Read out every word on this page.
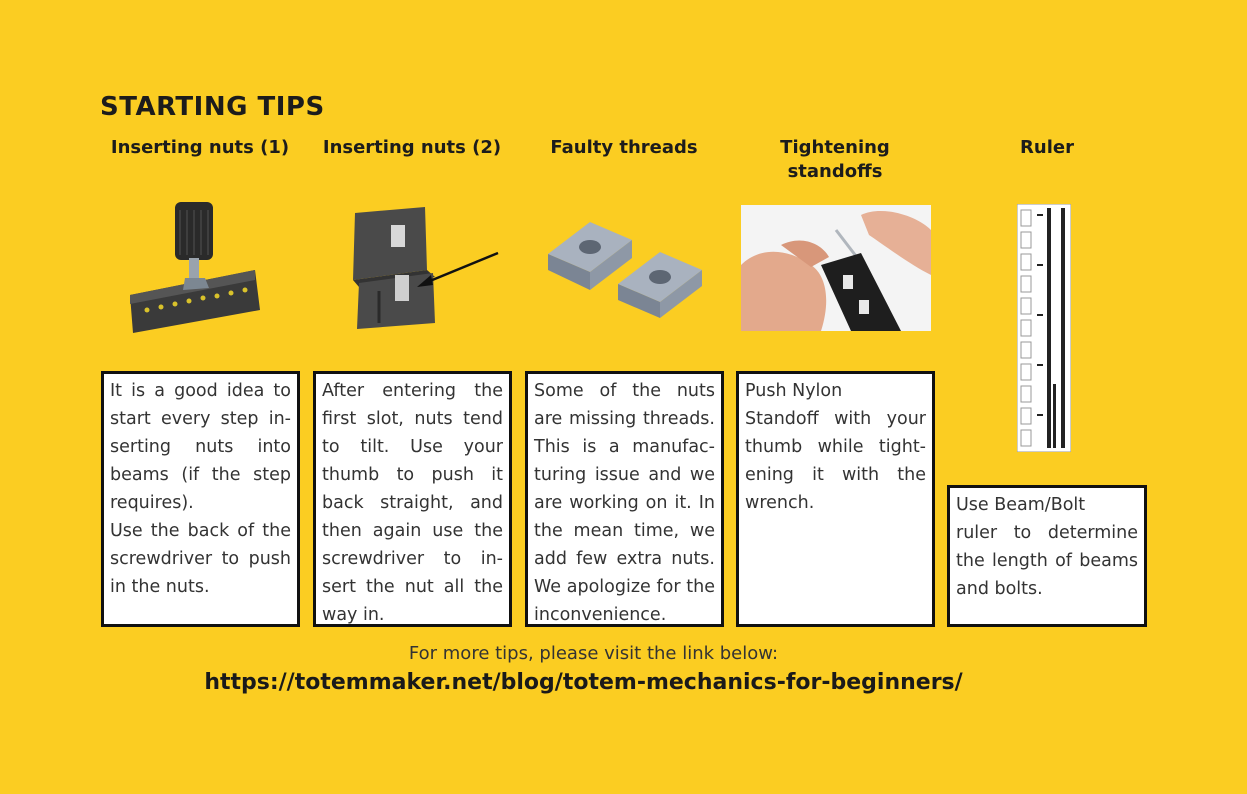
STARTING TIPS
Inserting nuts (1)	Inserting nuts (2)	Faulty threads	Tightening standoffs
Ruler

It is a good idea to start every step in-serting nuts into beams (if the step requires).

Use the back of the screwdriver to push in the nuts.

After entering the first slot, nuts tend to tilt. Use your thumb to push it back straight, and then again use the screwdriver to in-sert the nut all the way in.

Some of the nuts are missing threads. This is a manufac-turing issue and we are working on it. In the mean time, we add few extra nuts. We apologize for the inconvenience.

Push Nylon

Standoff with your thumb while tight-ening it with the wrench.	Use Beam/Bolt

ruler to determine the length of beams and bolts.

For more tips, please visit the link below:
https://totemmaker.net/blog/totem-mechanics-for-beginners/
